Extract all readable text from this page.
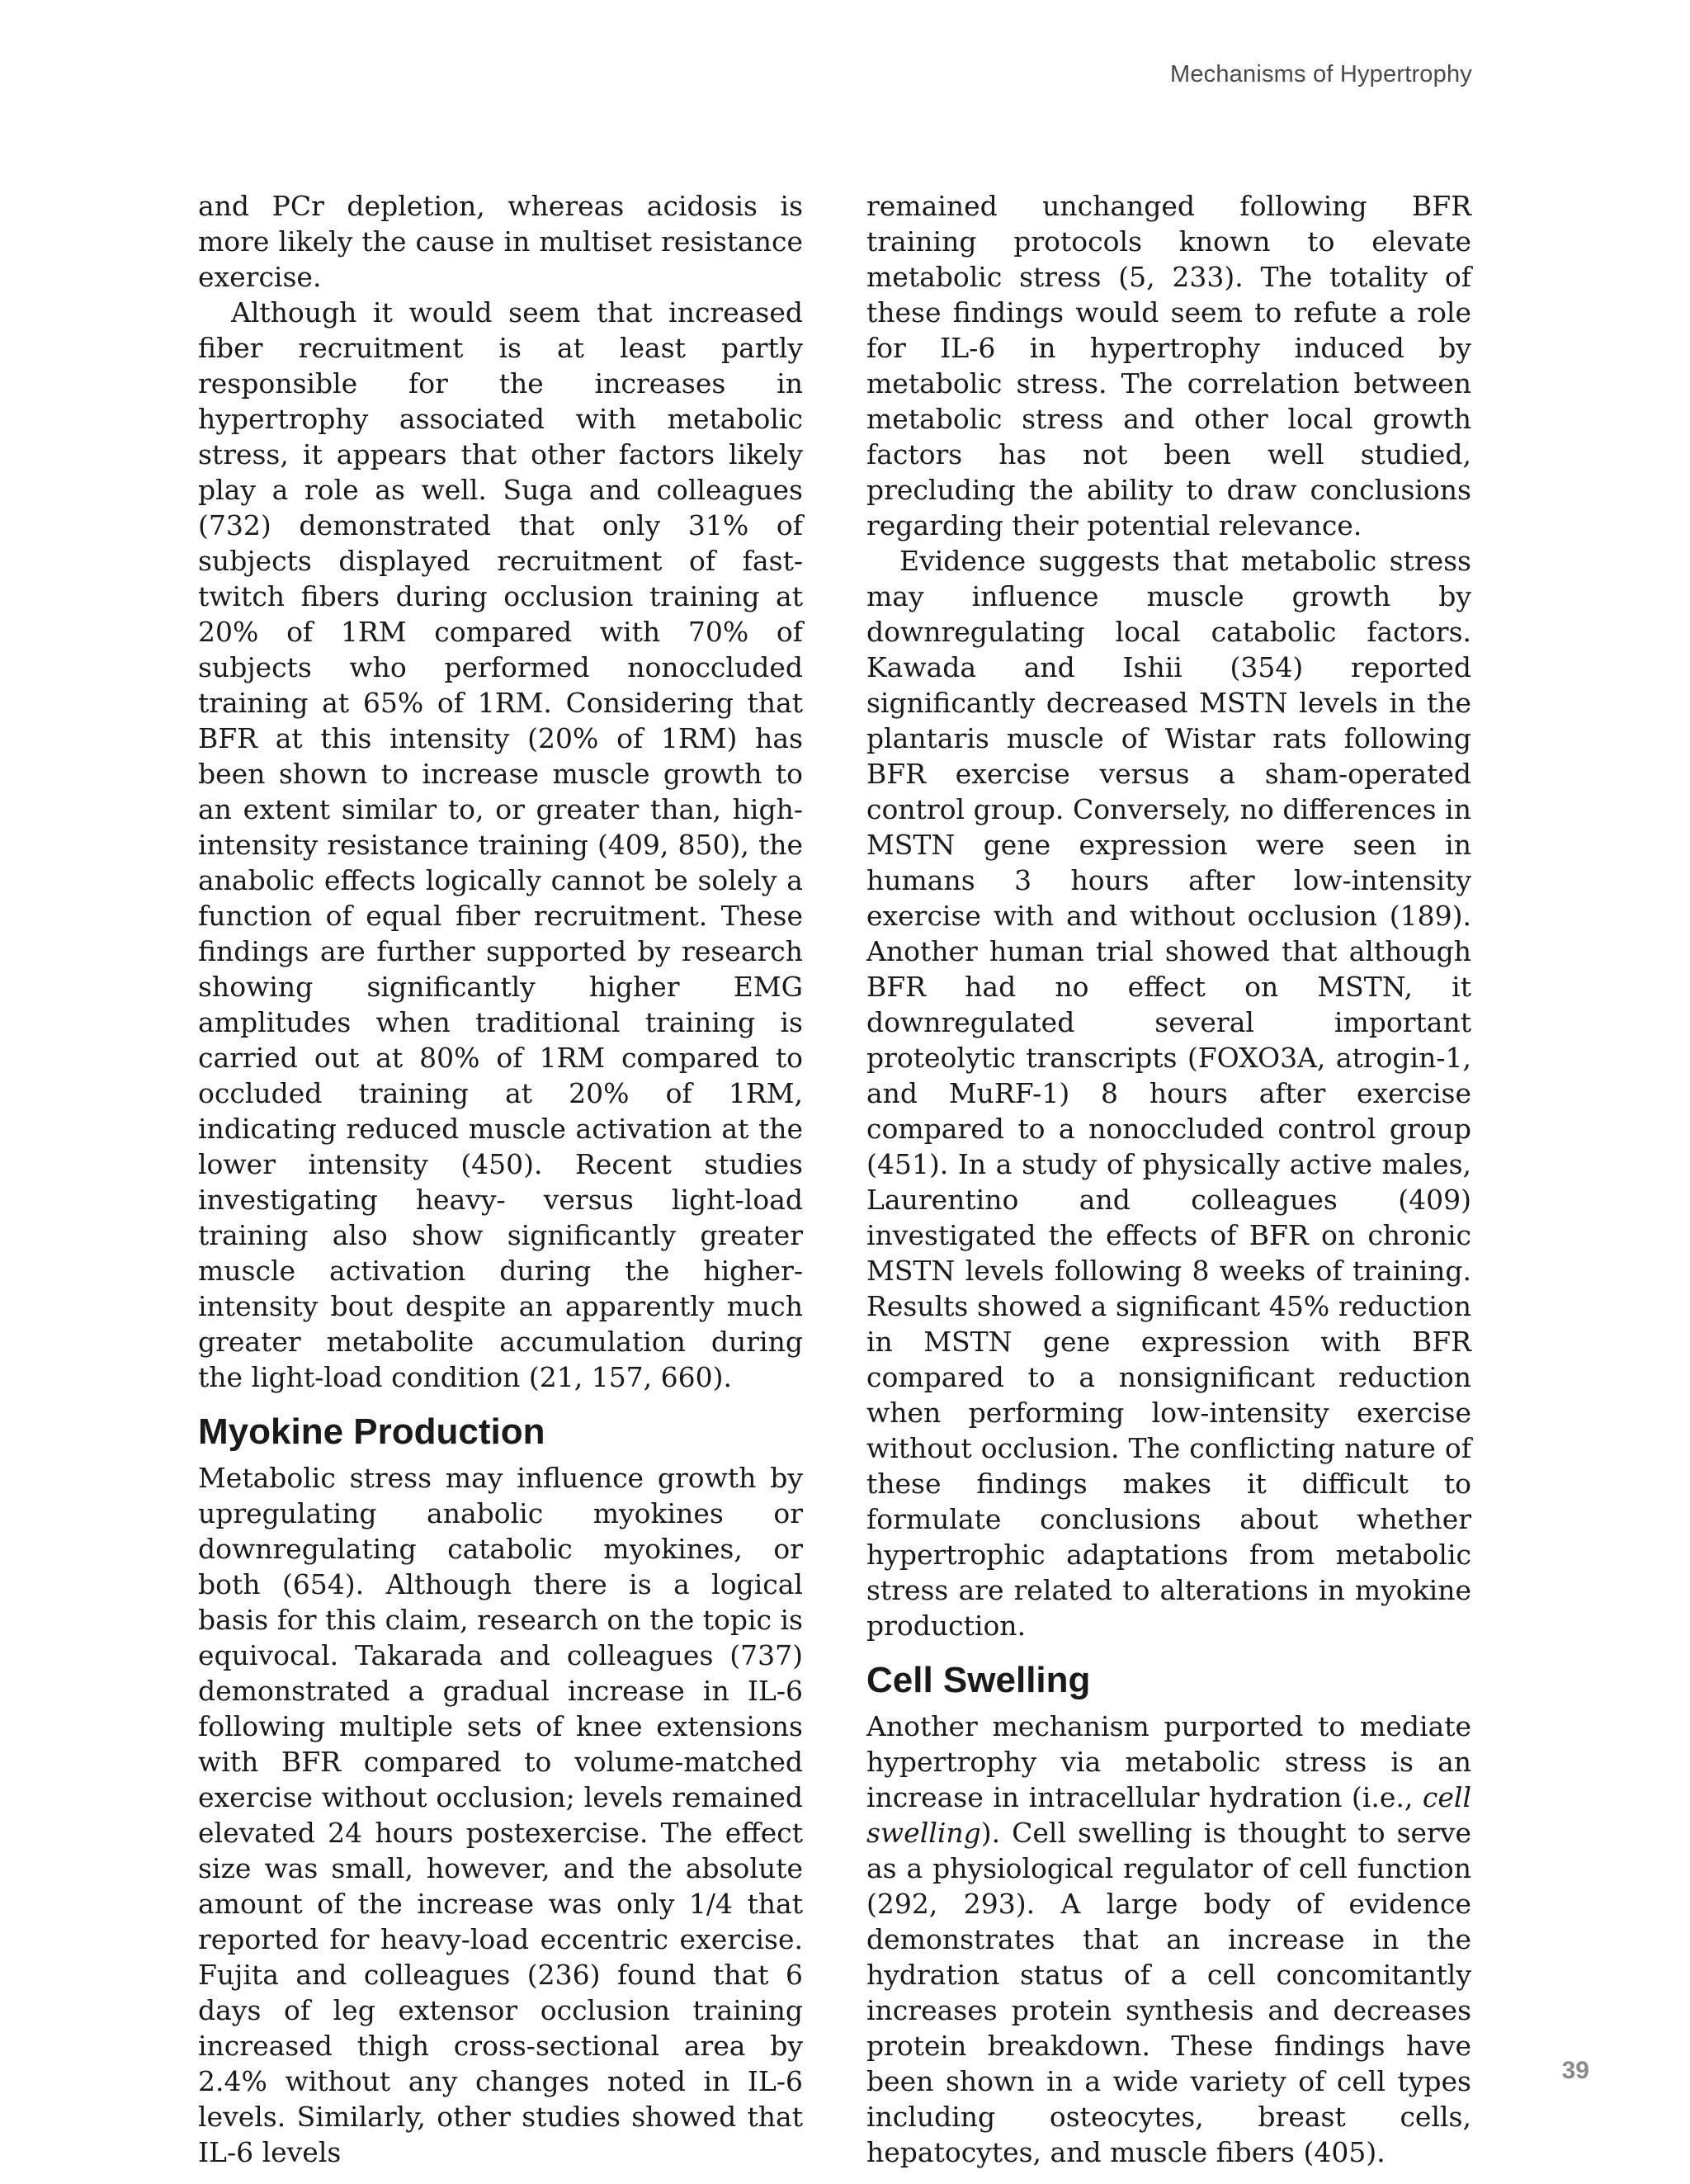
Mechanisms of Hypertrophy

and PCr depletion, whereas acidosis is more likely the cause in multiset resistance exercise.

Although it would seem that increased fiber recruitment is at least partly responsible for the increases in hypertrophy associated with metabolic stress, it appears that other factors likely play a role as well. Suga and colleagues (732) demonstrated that only 31% of subjects displayed recruitment of fast-twitch fibers during occlusion training at 20% of 1RM compared with 70% of subjects who performed nonoccluded training at 65% of 1RM. Considering that BFR at this intensity (20% of 1RM) has been shown to increase muscle growth to an extent similar to, or greater than, high-intensity resistance training (409, 850), the anabolic effects logically cannot be solely a function of equal fiber recruitment. These findings are further supported by research showing significantly higher EMG amplitudes when traditional training is carried out at 80% of 1RM compared to occluded training at 20% of 1RM, indicating reduced muscle activation at the lower intensity (450). Recent studies investigating heavy- versus light-load training also show significantly greater muscle activation during the higher-intensity bout despite an apparently much greater metabolite accumulation during the light-load condition (21, 157, 660).

Myokine Production

Metabolic stress may influence growth by upregulating anabolic myokines or downregulating catabolic myokines, or both (654). Although there is a logical basis for this claim, research on the topic is equivocal. Takarada and colleagues (737) demonstrated a gradual increase in IL-6 following multiple sets of knee extensions with BFR compared to volume-matched exercise without occlusion; levels remained elevated 24 hours postexercise. The effect size was small, however, and the absolute amount of the increase was only 1/4 that reported for heavy-load eccentric exercise. Fujita and colleagues (236) found that 6 days of leg extensor occlusion training increased thigh cross-sectional area by 2.4% without any changes noted in IL-6 levels. Similarly, other studies showed that IL-6 levels

remained unchanged following BFR training protocols known to elevate metabolic stress (5, 233). The totality of these findings would seem to refute a role for IL-6 in hypertrophy induced by metabolic stress. The correlation between metabolic stress and other local growth factors has not been well studied, precluding the ability to draw conclusions regarding their potential relevance.

Evidence suggests that metabolic stress may influence muscle growth by downregulating local catabolic factors. Kawada and Ishii (354) reported significantly decreased MSTN levels in the plantaris muscle of Wistar rats following BFR exercise versus a sham-operated control group. Conversely, no differences in MSTN gene expression were seen in humans 3 hours after low-intensity exercise with and without occlusion (189). Another human trial showed that although BFR had no effect on MSTN, it downregulated several important proteolytic transcripts (FOXO3A, atrogin-1, and MuRF-1) 8 hours after exercise compared to a nonoccluded control group (451). In a study of physically active males, Laurentino and colleagues (409) investigated the effects of BFR on chronic MSTN levels following 8 weeks of training. Results showed a significant 45% reduction in MSTN gene expression with BFR compared to a nonsignificant reduction when performing low-intensity exercise without occlusion. The conflicting nature of these findings makes it difficult to formulate conclusions about whether hypertrophic adaptations from metabolic stress are related to alterations in myokine production.

Cell Swelling

Another mechanism purported to mediate hypertrophy via metabolic stress is an increase in intracellular hydration (i.e., cell swelling). Cell swelling is thought to serve as a physiological regulator of cell function (292, 293). A large body of evidence demonstrates that an increase in the hydration status of a cell concomitantly increases protein synthesis and decreases protein breakdown. These findings have been shown in a wide variety of cell types including osteocytes, breast cells, hepatocytes, and muscle fibers (405).

39
